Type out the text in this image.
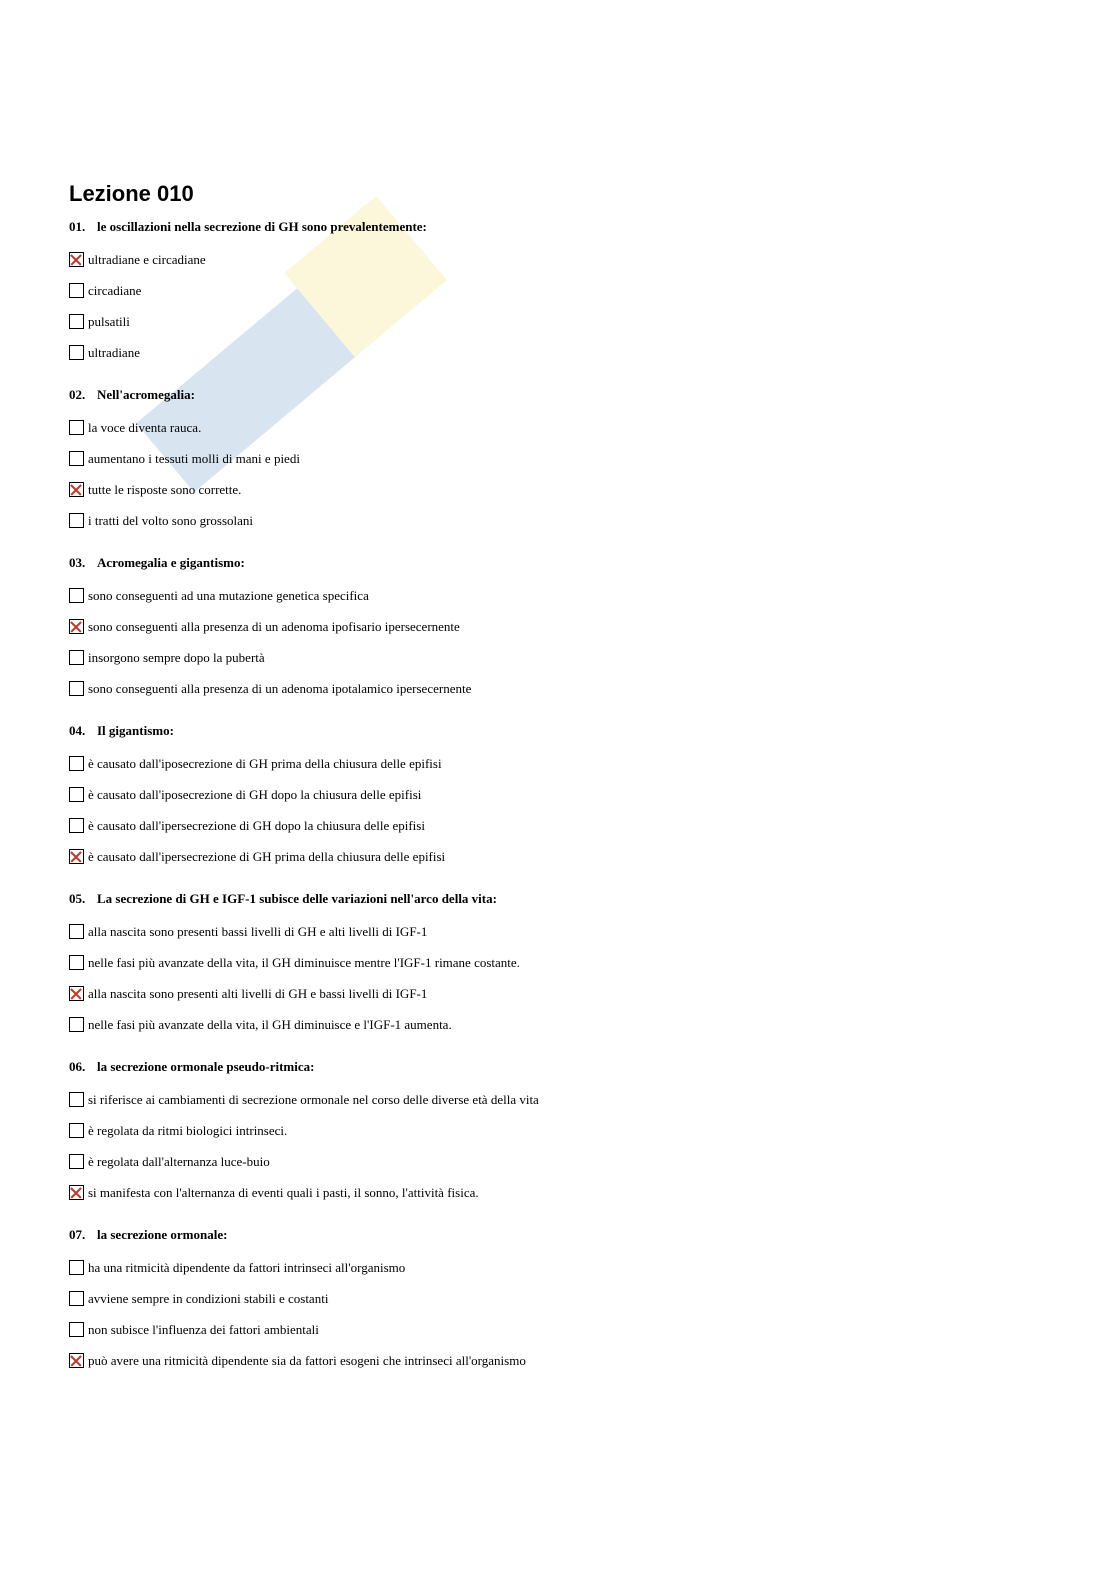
Lezione 010
01. le oscillazioni nella secrezione di GH sono prevalentemente:
ultradiane e circadiane
circadiane
pulsatili
ultradiane
02. Nell'acromegalia:
la voce diventa rauca.
aumentano i tessuti molli di mani e piedi
tutte le risposte sono corrette.
i tratti del volto sono grossolani
03. Acromegalia e gigantismo:
sono conseguenti ad una mutazione genetica specifica
sono conseguenti alla presenza di un adenoma ipofisario ipersecernente
insorgono sempre dopo la pubertà
sono conseguenti alla presenza di un adenoma ipotalamico ipersecernente
04. Il gigantismo:
è causato dall'iposecrezione di GH prima della chiusura delle epifisi
è causato dall'iposecrezione di GH dopo la chiusura delle epifisi
è causato dall'ipersecrezione di GH dopo la chiusura delle epifisi
è causato dall'ipersecrezione di GH prima della chiusura delle epifisi
05. La secrezione di GH e IGF-1 subisce delle variazioni nell'arco della vita:
alla nascita sono presenti bassi livelli di GH e alti livelli di IGF-1
nelle fasi più avanzate della vita, il GH diminuisce mentre l'IGF-1 rimane costante.
alla nascita sono presenti alti livelli di GH e bassi livelli di IGF-1
nelle fasi più avanzate della vita, il GH diminuisce e l'IGF-1 aumenta.
06. la secrezione ormonale pseudo-ritmica:
si riferisce ai cambiamenti di secrezione ormonale nel corso delle diverse età della vita
è regolata da ritmi biologici intrinseci.
è regolata dall'alternanza luce-buio
si manifesta con l'alternanza di eventi quali i pasti, il sonno, l'attività fisica.
07. la secrezione ormonale:
ha una ritmicità dipendente da fattori intrinseci all'organismo
avviene sempre in condizioni stabili e costanti
non subisce l'influenza dei fattori ambientali
può avere una ritmicità dipendente sia da fattori esogeni che intrinseci all'organismo
